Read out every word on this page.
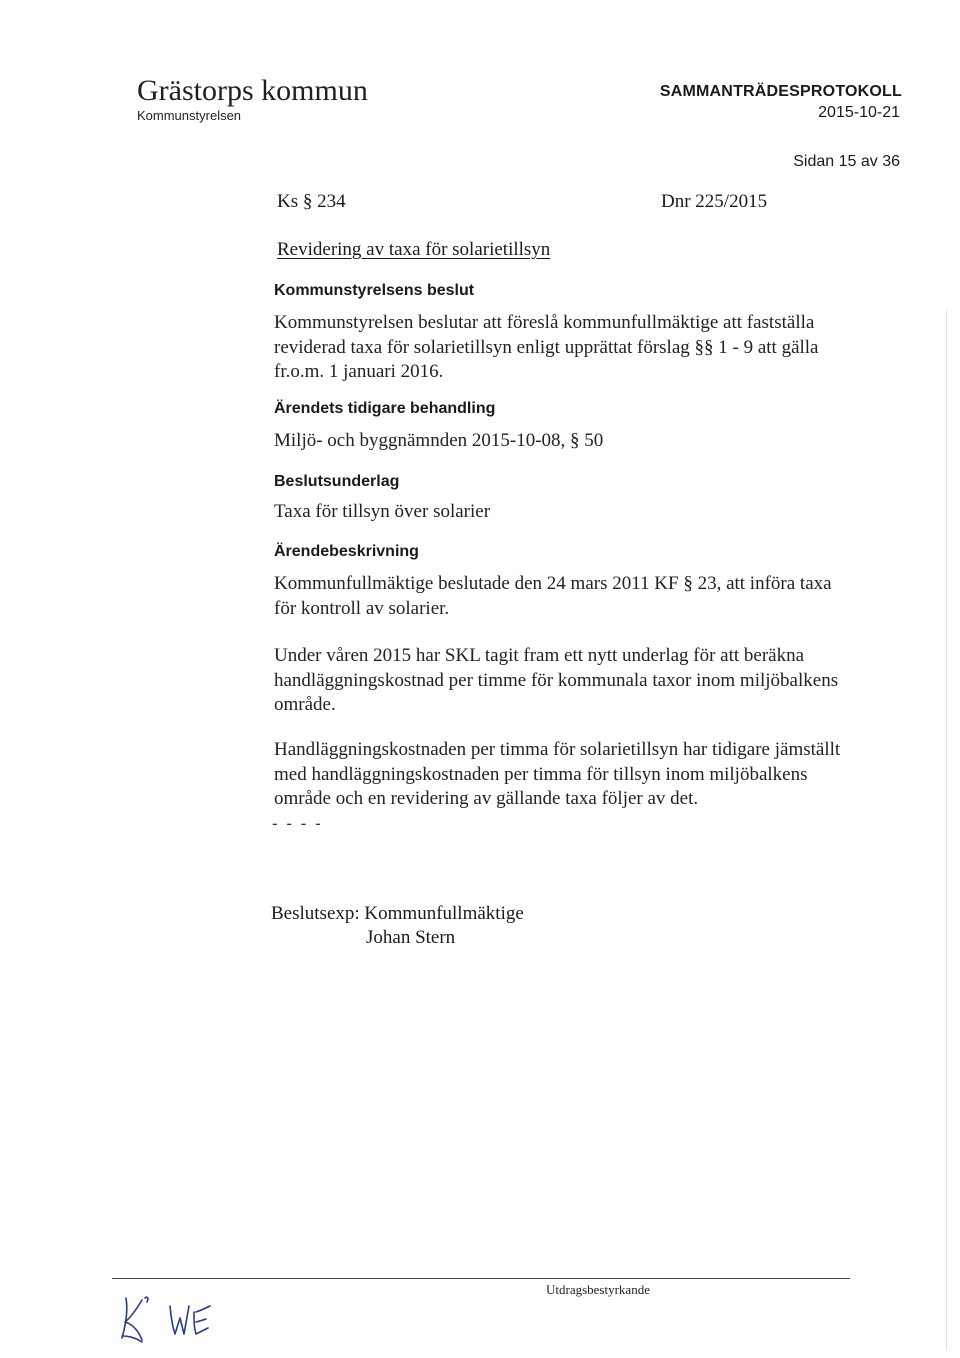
Grästorps kommun
Kommunstyrelsen
SAMMANTRÄDESPROTOKOLL
2015-10-21
Sidan 15 av 36
Ks § 234	Dnr 225/2015
Revidering av taxa för solarietillsyn
Kommunstyrelsens beslut
Kommunstyrelsen beslutar att föreslå kommunfullmäktige att fastställa reviderad taxa för solarietillsyn enligt upprättat förslag §§ 1 - 9 att gälla fr.o.m. 1 januari 2016.
Ärendets tidigare behandling
Miljö- och byggnämnden 2015-10-08, § 50
Beslutsunderlag
Taxa för tillsyn över solarier
Ärendebeskrivning
Kommunfullmäktige beslutade den 24 mars 2011 KF § 23, att införa taxa för kontroll av solarier.
Under våren 2015 har SKL tagit fram ett nytt underlag för att beräkna handläggningskostnad per timme för kommunala taxor inom miljöbalkens område.
Handläggningskostnaden per timma för solarietillsyn har tidigare jämställt med handläggningskostnaden per timma för tillsyn inom miljöbalkens område och en revidering av gällande taxa följer av det.
- - - -
Beslutsexp: Kommunfullmäktige
Johan Stern
Utdragsbestyrkande
